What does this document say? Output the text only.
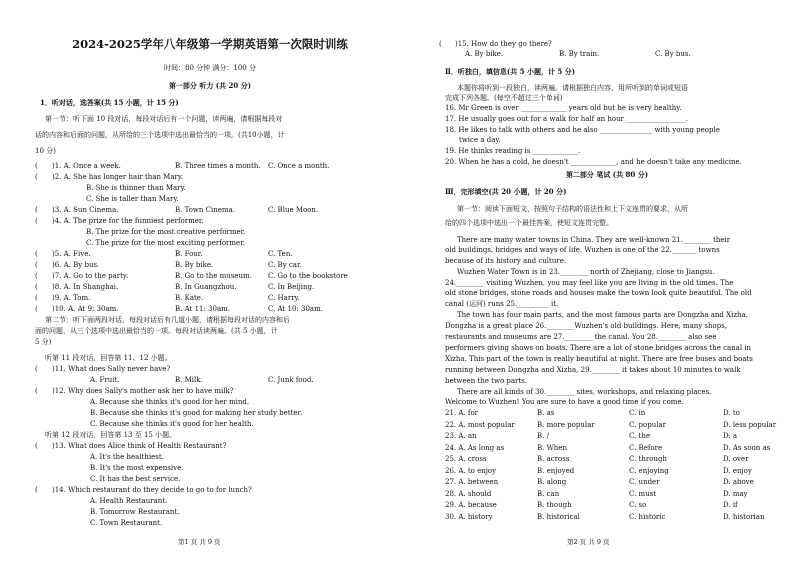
2024-2025学年八年级第一学期英语第一次限时训练
时间：80 分钟 满分：100 分
第一部分 听力 (共 20 分)
1．听对话，选答案(共 15 小题，计 15 分)
第一节：听下面 10 段对话，每段对话后有一个问题，读两遍，请根据每段对
话的内容和后面的问题，从所给的三个选项中选出最恰当的一项。(共10小题，计
10 分)
( )1. A. Once a week.	B. Three times a month. C. Once a month.
( )2. A. She has longer hair than Mary.
B. She is thinner than Mary.
C. She is taller than Mary.
( )3. A. Sun Cinema.	B. Town Cinema.	C. Blue Moon.
( )4. A. The prize for the funniest performer.
B. The prize for the most creative performer.
C. The prize for the most exciting performer.
( )5. A. Five.	B. Four.	C. Ten.
( )6. A. By bus.	B. By bike.	C. By car.
( )7. A. Go to the party.	B. Go to the museum. C. Go to the bookstore
( )8. A. In Shanghai.	B. In Guangzhou.	C. In Beijing.
( )9. A. Tom.	B. Kate.	C. Harry.
( )10. A. At 9: 30am.	B. At 11: 30am.	C. At 10: 30am.
第二节：听下面两段对话，每段对话后有几道小题，请根据每段对话的内容和后
面的问题，从三个选项中选出最恰当的一项。每段对话读两遍。(共 5 小题，计
5 分)
听第 11 段对话，回答第 11、12 小题。
( )11. What does Sally never have?
A. Fruit.	B. Milk.	C. Junk food.
( )12. Why does Sally's mother ask her to have milk?
A. Because she thinks it's good for her mind.
B. Because she thinks it's good for making her study better.
C. Because she thinks it's good for her health.
听第 12 段对话，回答第 13 至 15 小题。
( )13. What does Alice think of Health Restaurant?
A. It's the healthiest.
B. It's the most expensive.
C. It has the best service.
( )14. Which restaurant do they decide to go to for lunch?
A. Health Restaurant.
B. Tomorrow Restaurant.
C. Town Restaurant.
第1 页 共 9 页
( )15. How do they go there?
A. By bike.	B. By train.	C. By bus.
Ⅱ．听独白，填信息(共 5 小题，计 5 分)
本题你将听到一段独白，读两遍。请根据独白内容、用所听到的单词或短语
完成下列各题。(每空不超过三个单词)
16. Mr Green is over _____________ years old but he is very healthy.
17. He usually goes out for a walk for half an hour _________________.
18. He likes to talk with others and he also _______________ with young people
twice a day.
19. He thinks reading is _____________.
20. When he has a cold, he doesn't _____________, and he doesn't take any medicine.
第二部分 笔试 (共 80 分)
Ⅲ．完形填空(共 20 小题，计 20 分)
第一节：阅读下面短文，按照句子结构的语法性和上下文连贯的要求，从所
给的四个选项中选出一个最佳答案，使短文连贯完整。
There are many water towns in China. They are well-known 21.________ their
old buildings, bridges and ways of life. Wuzhen is one of the 22._______ towns
because of its history and culture.
Wuzhen Water Town is in 23.________ north of Zhejiang, close to Jiangsu.
24.________ visiting Wuzhen, you may feel like you are living in the old times. The
old stone bridges, stone roads and houses make the town look quite beautiful. The old
canal (运河) runs 25._________ it.
The town has four main parts, and the most famous parts are Dongzha and Xizha.
Dongzha is a great place 26.________Wuzhen's old buildings. Here, many shops,
restaurants and museums are 27.________ the canal. You 28.________ also see
performers giving shows on boats. There are a lot of stone bridges across the canal in
Xizha. This part of the town is really beautiful at night. There are free buses and boats
running between Dongzha and Xizha, 29.________ it takes about 10 minutes to walk
between the two parts.
There are all kinds of 30.________ sites, workshops, and relaxing places.
Welcome to Wuzhen! You are sure to have a good time if you come.
21. A. for	B. as	C. in	D. to
22. A. most popular	B. more popular	C. popular	D. less popular
23. A. an	B. /	C. the	D. a
24. A. As long as	B. When	C. Before	D. As soon as
25. A. cross	B. across	C. through	D. over
26. A. to enjoy	B. enjoyed	C. enjoying	D. enjoy
27. A. between	B. along	C. under	D. above
28. A. should	B. can	C. must	D. may
29. A. because	B. though	C. so	D. if
30. A. history	B. historical	C. historic	D. historian
第2 页 共 9 页
